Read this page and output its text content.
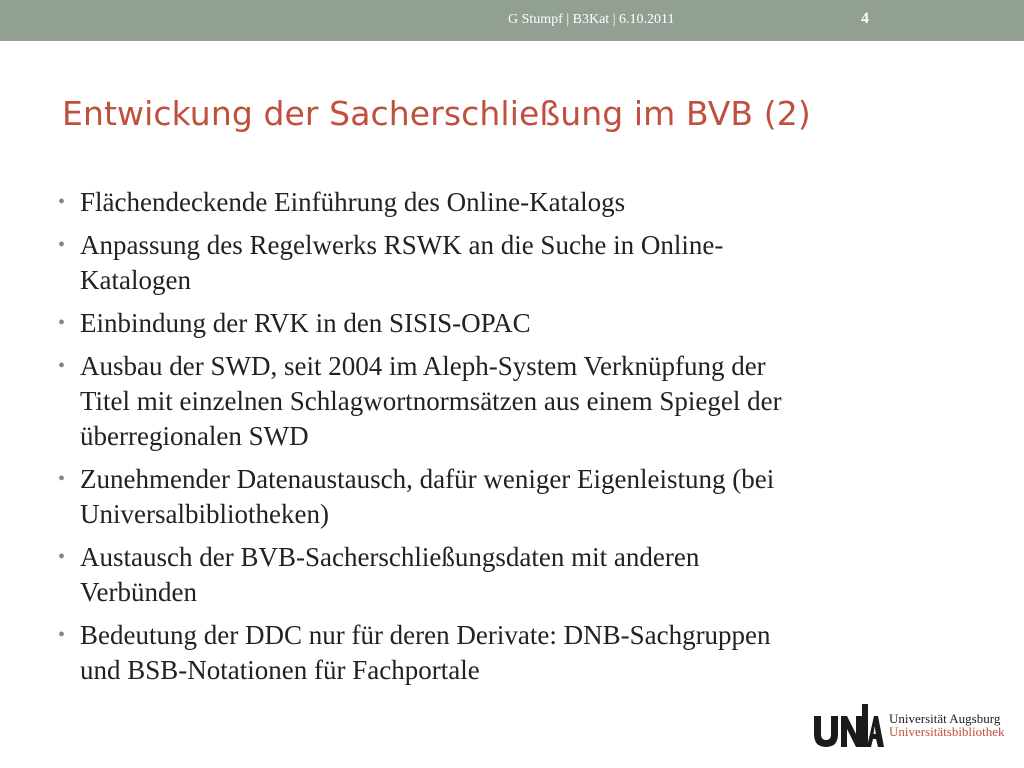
G Stumpf | B3Kat | 6.10.2011	4
Entwickung der Sacherschließung im BVB (2)
• Flächendeckende Einführung des Online-Katalogs
• Anpassung des Regelwerks RSWK an die Suche in Online-
Katalogen
• Einbindung der RVK in den SISIS-OPAC
• Ausbau der SWD, seit 2004 im Aleph-System Verknüpfung der
Titel mit einzelnen Schlagwortnormsätzen aus einem Spiegel der
überregionalen SWD
• Zunehmender Datenaustausch, dafür weniger Eigenleistung (bei
Universalbibliotheken)
• Austausch der BVB-Sacherschließungsdaten mit anderen
Verbünden
• Bedeutung der DDC nur für deren Derivate: DNB-Sachgruppen
und BSB-Notationen für Fachportale
Universität Augsburg
Universitätsbibliothek
